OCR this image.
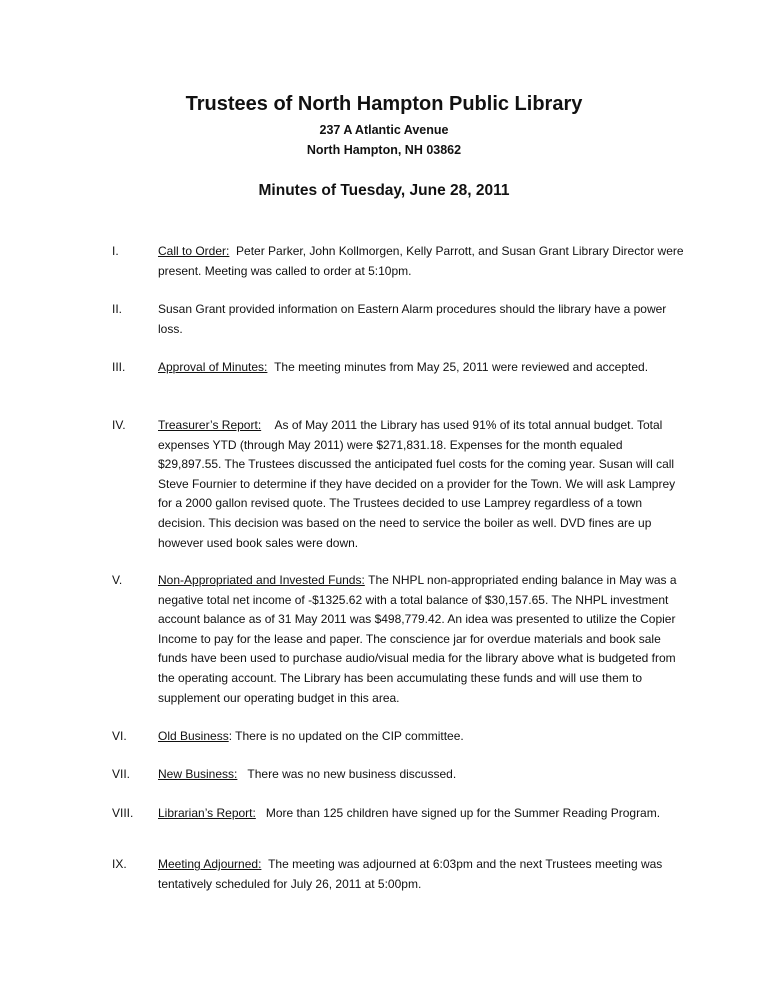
Trustees of North Hampton Public Library
237 A Atlantic Avenue
North Hampton, NH 03862
Minutes of Tuesday, June 28, 2011
I.	Call to Order: Peter Parker, John Kollmorgen, Kelly Parrott, and Susan Grant Library Director were present. Meeting was called to order at 5:10pm.
II.	Susan Grant provided information on Eastern Alarm procedures should the library have a power loss.
III.	Approval of Minutes: The meeting minutes from May 25, 2011 were reviewed and accepted.
IV.	Treasurer’s Report: As of May 2011 the Library has used 91% of its total annual budget. Total expenses YTD (through May 2011) were $271,831.18. Expenses for the month equaled $29,897.55. The Trustees discussed the anticipated fuel costs for the coming year. Susan will call Steve Fournier to determine if they have decided on a provider for the Town. We will ask Lamprey for a 2000 gallon revised quote. The Trustees decided to use Lamprey regardless of a town decision. This decision was based on the need to service the boiler as well. DVD fines are up however used book sales were down.
V.	Non-Appropriated and Invested Funds: The NHPL non-appropriated ending balance in May was a negative total net income of -$1325.62 with a total balance of $30,157.65. The NHPL investment account balance as of 31 May 2011 was $498,779.42. An idea was presented to utilize the Copier Income to pay for the lease and paper. The conscience jar for overdue materials and book sale funds have been used to purchase audio/visual media for the library above what is budgeted from the operating account. The Library has been accumulating these funds and will use them to supplement our operating budget in this area.
VI.	Old Business: There is no updated on the CIP committee.
VII. New Business: There was no new business discussed.
VIII. Librarian’s Report: More than 125 children have signed up for the Summer Reading Program.
IX.	Meeting Adjourned: The meeting was adjourned at 6:03pm and the next Trustees meeting was tentatively scheduled for July 26, 2011 at 5:00pm.
